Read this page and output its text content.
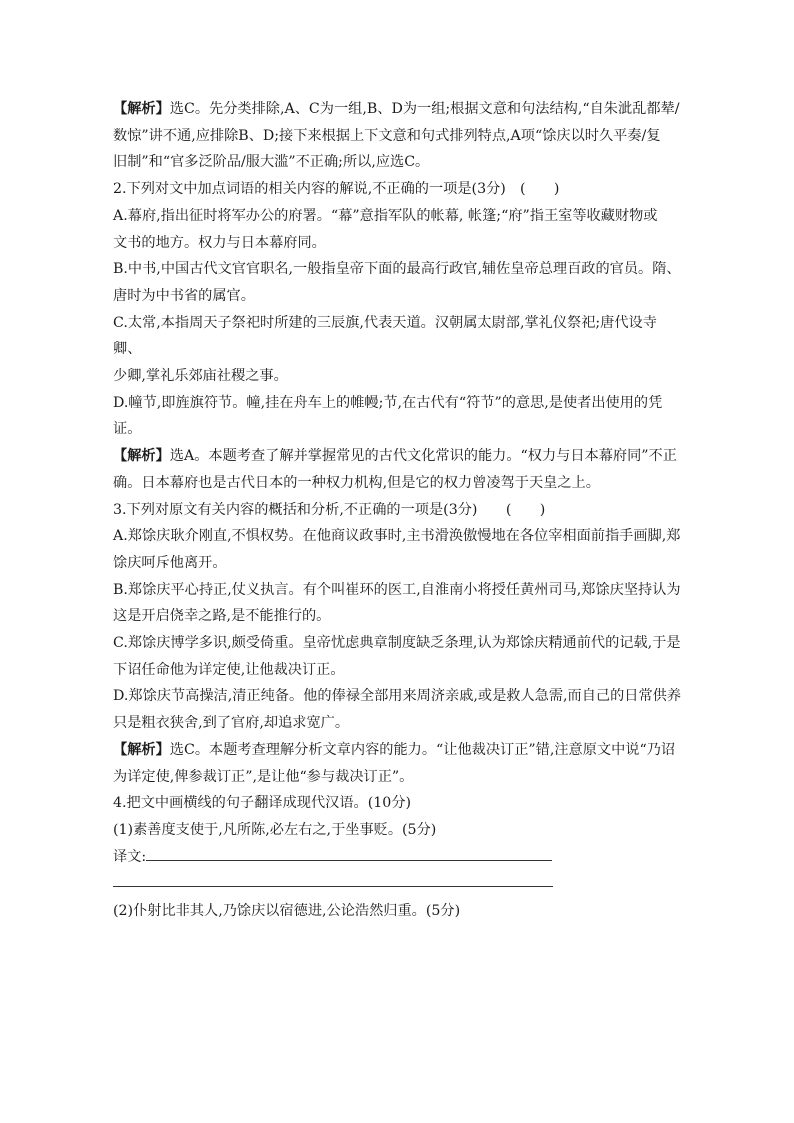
【解析】选C。先分类排除,A、C为一组,B、D为一组;根据文意和句法结构,“自朱泚乱都辇/

数惊”讲不通,应排除B、D;接下来根据上下文意和句式排列特点,A项“馀庆以时久平奏/复

旧制”和“官多泛阶品/服大滥”不正确;所以,应选C。

2.下列对文中加点词语的相关内容的解说,不正确的一项是(3分)　(　　)

A.幕府,指出征时将军办公的府署。“幕”意指军队的帐幕, 帐篷;“府”指王室等收藏财物或

文书的地方。权力与日本幕府同。

B.中书,中国古代文官官职名,一般指皇帝下面的最高行政官,辅佐皇帝总理百政的官员。隋、

唐时为中书省的属官。

C.太常,本指周天子祭祀时所建的三辰旗,代表天道。汉朝属太尉部,掌礼仪祭祀;唐代设寺卿、

少卿,掌礼乐郊庙社稷之事。

D.幢节,即旌旗符节。幢,挂在舟车上的帷幔;节,在古代有“符节”的意思,是使者出使用的凭

证。

【解析】选A。本题考查了解并掌握常见的古代文化常识的能力。“权力与日本幕府同”不正

确。日本幕府也是古代日本的一种权力机构,但是它的权力曾凌驾于天皇之上。

3.下列对原文有关内容的概括和分析,不正确的一项是(3分)　　(　　)

A.郑馀庆耿介刚直,不惧权势。在他商议政事时,主书滑涣傲慢地在各位宰相面前指手画脚,郑

馀庆呵斥他离开。

B.郑馀庆平心持正,仗义执言。有个叫崔环的医工,自淮南小将授任黄州司马,郑馀庆坚持认为

这是开启侥幸之路,是不能推行的。

C.郑馀庆博学多识,颇受倚重。皇帝忧虑典章制度缺乏条理,认为郑馀庆精通前代的记载,于是

下诏任命他为详定使,让他裁决订正。

D.郑馀庆节高操洁,清正纯备。他的俸禄全部用来周济亲戚,或是救人急需,而自己的日常供养

只是粗衣狭舍,到了官府,却追求宽广。

【解析】选C。本题考查理解分析文章内容的能力。“让他裁决订正”错,注意原文中说“乃诏

为详定使,俾参裁订正”,是让他“参与裁决订正”。

4.把文中画横线的句子翻译成现代汉语。(10分)

(1)素善度支使于,凡所陈,必左右之,于坐事贬。(5分)

译文:

(2)仆射比非其人,乃馀庆以宿德进,公论浩然归重。(5分)
